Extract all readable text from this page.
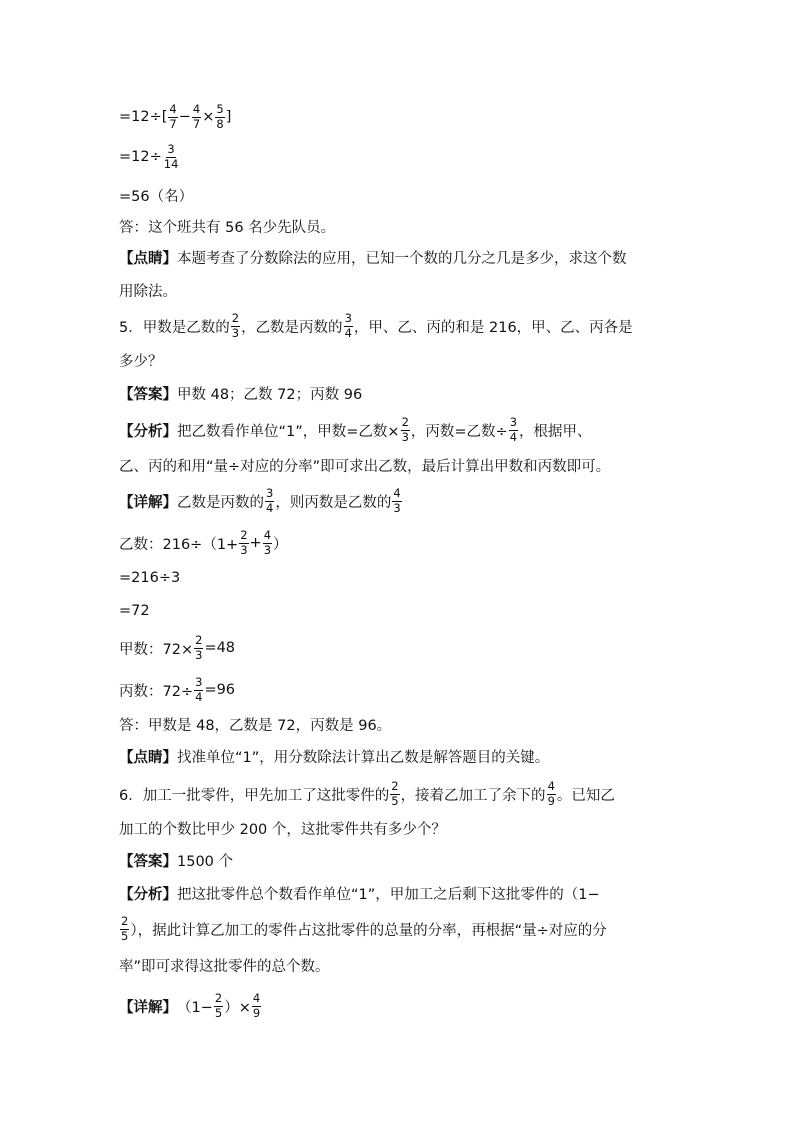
$=12\div[ \frac{4}{7} - \frac{4}{7} \times \frac{5}{8}$ ]
$=12\div \frac{3}{14}$
=56（名）
答：这个班共有 56 名少先队员。
【点睛】 本题考查了分数除法的应用，已知一个数的几分之几是多少，求这个数
用除法。
5．甲数是乙数的 $\frac{2}{3}$ ，乙数是丙数的 $\frac{3}{4}$ ，甲、乙、丙的和是 216，甲、乙、丙各是
多少？
【答案】 甲数 48；乙数 72；丙数 96
【分析】 把乙数看作单位“1”，甲数=乙数× $\frac{2}{3}$ ，丙数=乙数÷ $\frac{3}{4}$ ，根据甲、
乙、丙的和用“量÷对应的分率”即可求出乙数，最后计算出甲数和丙数即可。
【详解】 乙数是丙数的 $\frac{3}{4}$ ，则丙数是乙数的 $\frac{4}{3}$
乙数：$216\div(1+ \frac{2}{3} + \frac{4}{3}$ ）
=216÷3
=72
甲数：$72\times \frac{2}{3} =48$
丙数：$72\div \frac{3}{4} =96$
答：甲数是 48，乙数是 72，丙数是 96。
【点睛】 找准单位“1”，用分数除法计算出乙数是解答题目的关键。
6．加工一批零件，甲先加工了这批零件的 $\frac{2}{5}$ ，接着乙加工了余下的 $\frac{4}{9}$ 。已知乙
加工的个数比甲少 200 个，这批零件共有多少个？
【答案】 1500 个
【分析】 把这批零件总个数看作单位“1”，甲加工之后剩下这批零件的（1−
$\frac{2}{5}$ ），据此计算乙加工的零件占这批零件的总量的分率，再根据“量÷对应的分
率”即可求得这批零件的总个数。
【详解】 （$1- \frac{2}{5}$ ）× $\frac{4}{9}$
